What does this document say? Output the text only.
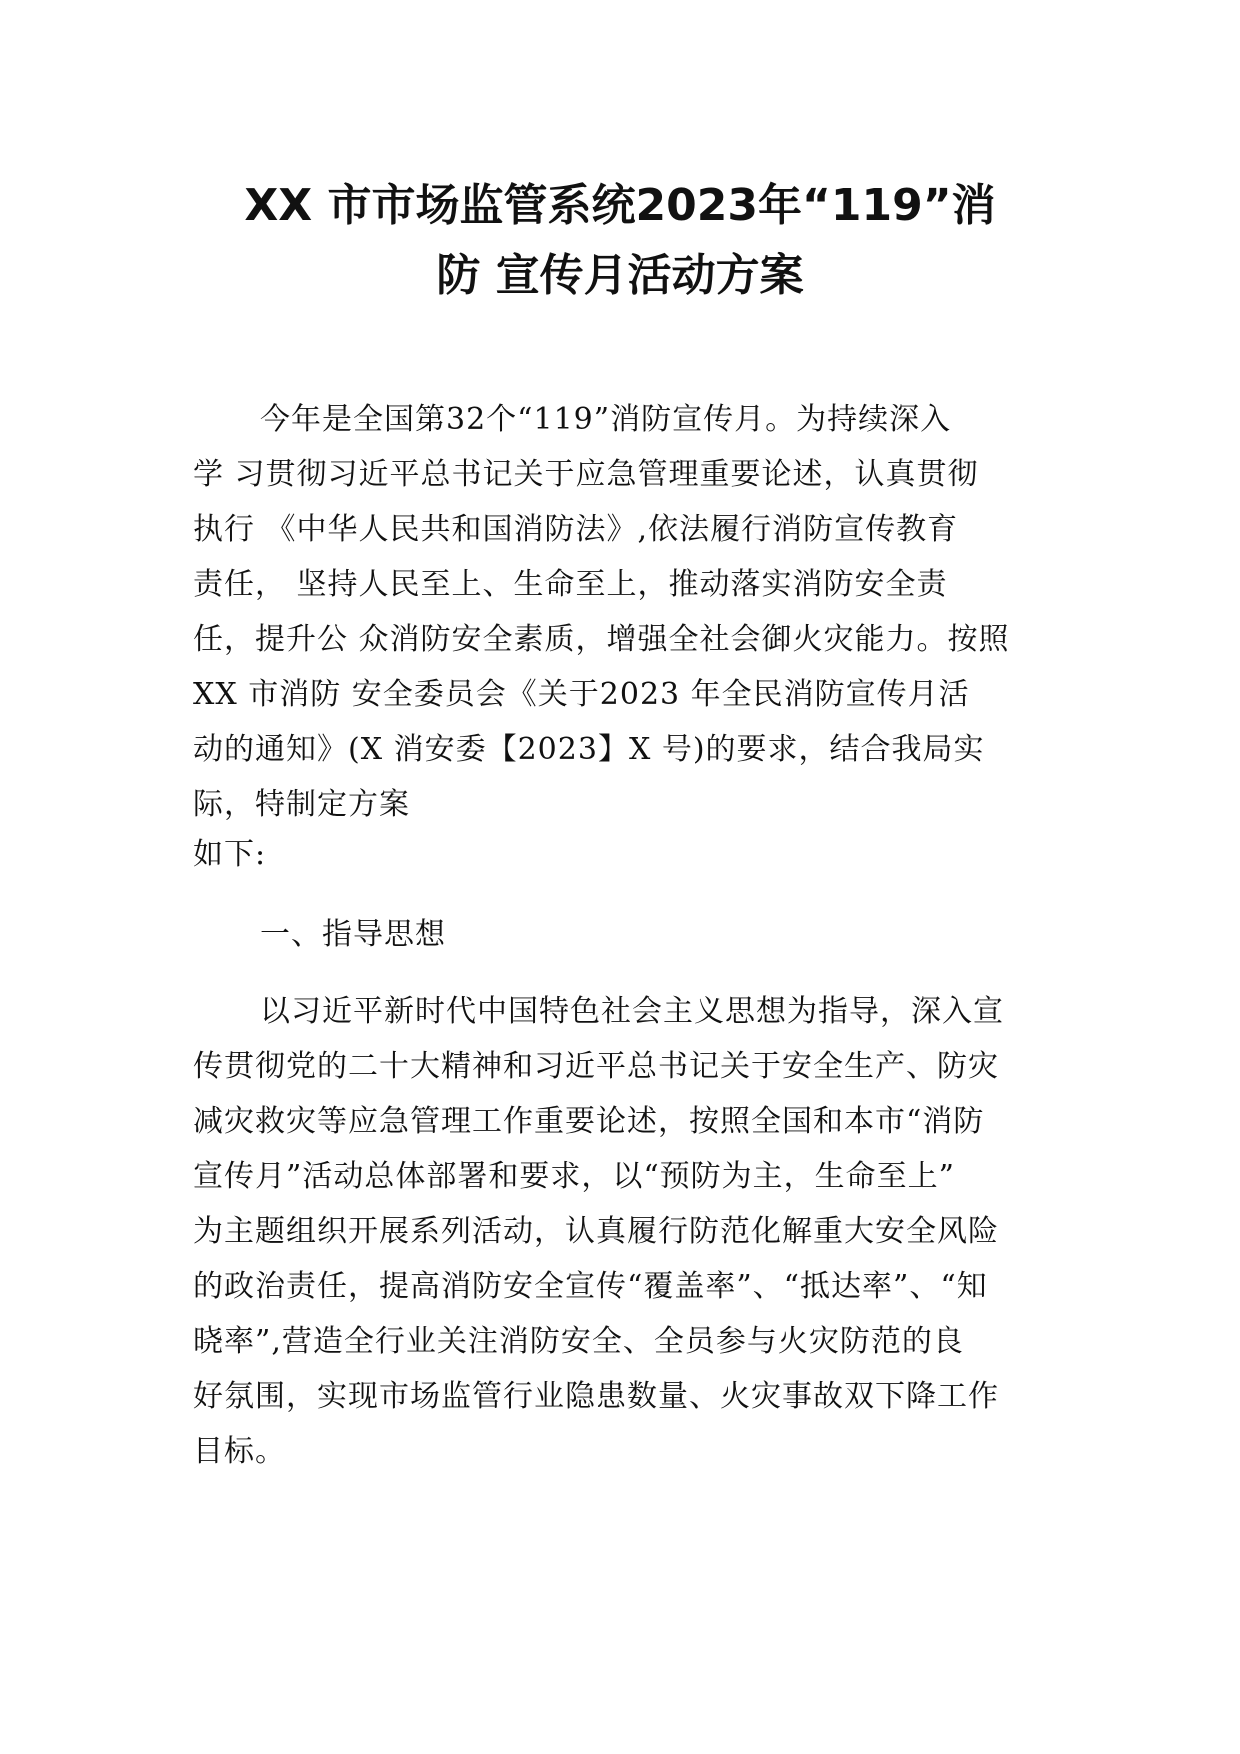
XX 市市场监管系统2023年“119”消
防 宣传月活动方案

今年是全国第32个“119”消防宣传月。为持续深入

学 习贯彻习近平总书记关于应急管理重要论述，认真贯彻

执行 《中华人民共和国消防法》,依法履行消防宣传教育

责任， 坚持人民至上、生命至上，推动落实消防安全责

任，提升公 众消防安全素质，增强全社会御火灾能力。按照

XX 市消防 安全委员会《关于2023 年全民消防宣传月活

动的通知》(X 消安委【2023】X 号)的要求，结合我局实

际，特制定方案

如下:

一、指导思想

以习近平新时代中国特色社会主义思想为指导，深入宣

传贯彻党的二十大精神和习近平总书记关于安全生产、防灾

减灾救灾等应急管理工作重要论述，按照全国和本市“消防

宣传月”活动总体部署和要求，以“预防为主，生命至上”

为主题组织开展系列活动，认真履行防范化解重大安全风险

的政治责任，提高消防安全宣传“覆盖率”、“抵达率”、“知

晓率”,营造全行业关注消防安全、全员参与火灾防范的良

好氛围，实现市场监管行业隐患数量、火灾事故双下降工作

目标。
